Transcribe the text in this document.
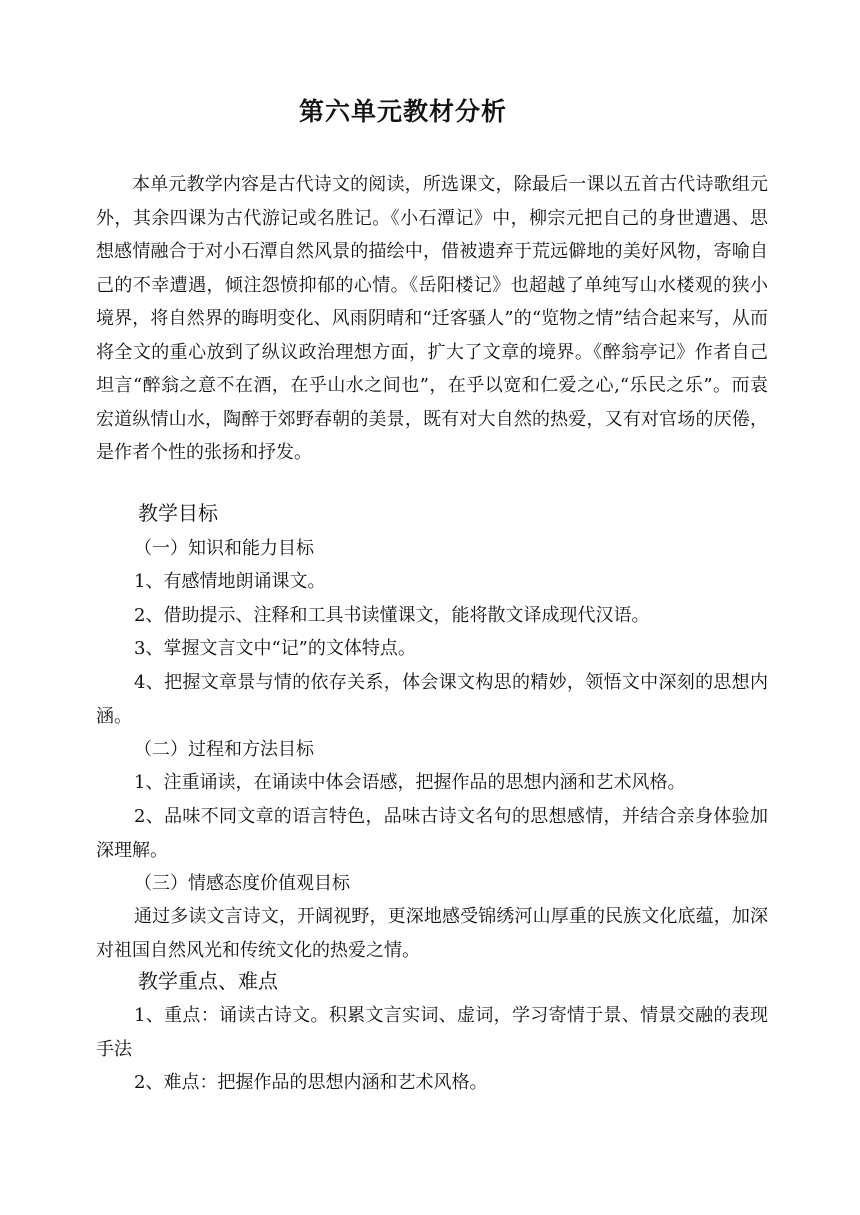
第六单元教材分析

本单元教学内容是古代诗文的阅读，所选课文，除最后一课以五首古代诗歌组元外，其余四课为古代游记或名胜记。《小石潭记》中，柳宗元把自己的身世遭遇、思想感情融合于对小石潭自然风景的描绘中，借被遗弃于荒远僻地的美好风物，寄喻自己的不幸遭遇，倾注怨愤抑郁的心情。《岳阳楼记》也超越了单纯写山水楼观的狭小境界，将自然界的晦明变化、风雨阴晴和“迁客骚人”的“览物之情”结合起来写，从而将全文的重心放到了纵议政治理想方面，扩大了文章的境界。《醉翁亭记》作者自己坦言“醉翁之意不在酒，在乎山水之间也”，在乎以宽和仁爱之心,“乐民之乐”。而袁宏道纵情山水，陶醉于郊野春朝的美景，既有对大自然的热爱，又有对官场的厌倦，是作者个性的张扬和抒发。

教学目标
（一）知识和能力目标
1、有感情地朗诵课文。
2、借助提示、注释和工具书读懂课文，能将散文译成现代汉语。
3、掌握文言文中“记”的文体特点。

4、把握文章景与情的依存关系，体会课文构思的精妙，领悟文中深刻的思想内涵。

（二）过程和方法目标
1、注重诵读，在诵读中体会语感，把握作品的思想内涵和艺术风格。

2、品味不同文章的语言特色，品味古诗文名句的思想感情，并结合亲身体验加深理解。

（三）情感态度价值观目标

通过多读文言诗文，开阔视野，更深地感受锦绣河山厚重的民族文化底蕴，加深对祖国自然风光和传统文化的热爱之情。

教学重点、难点

1、重点：诵读古诗文。积累文言实词、虚词，学习寄情于景、情景交融的表现手法

2、难点：把握作品的思想内涵和艺术风格。
